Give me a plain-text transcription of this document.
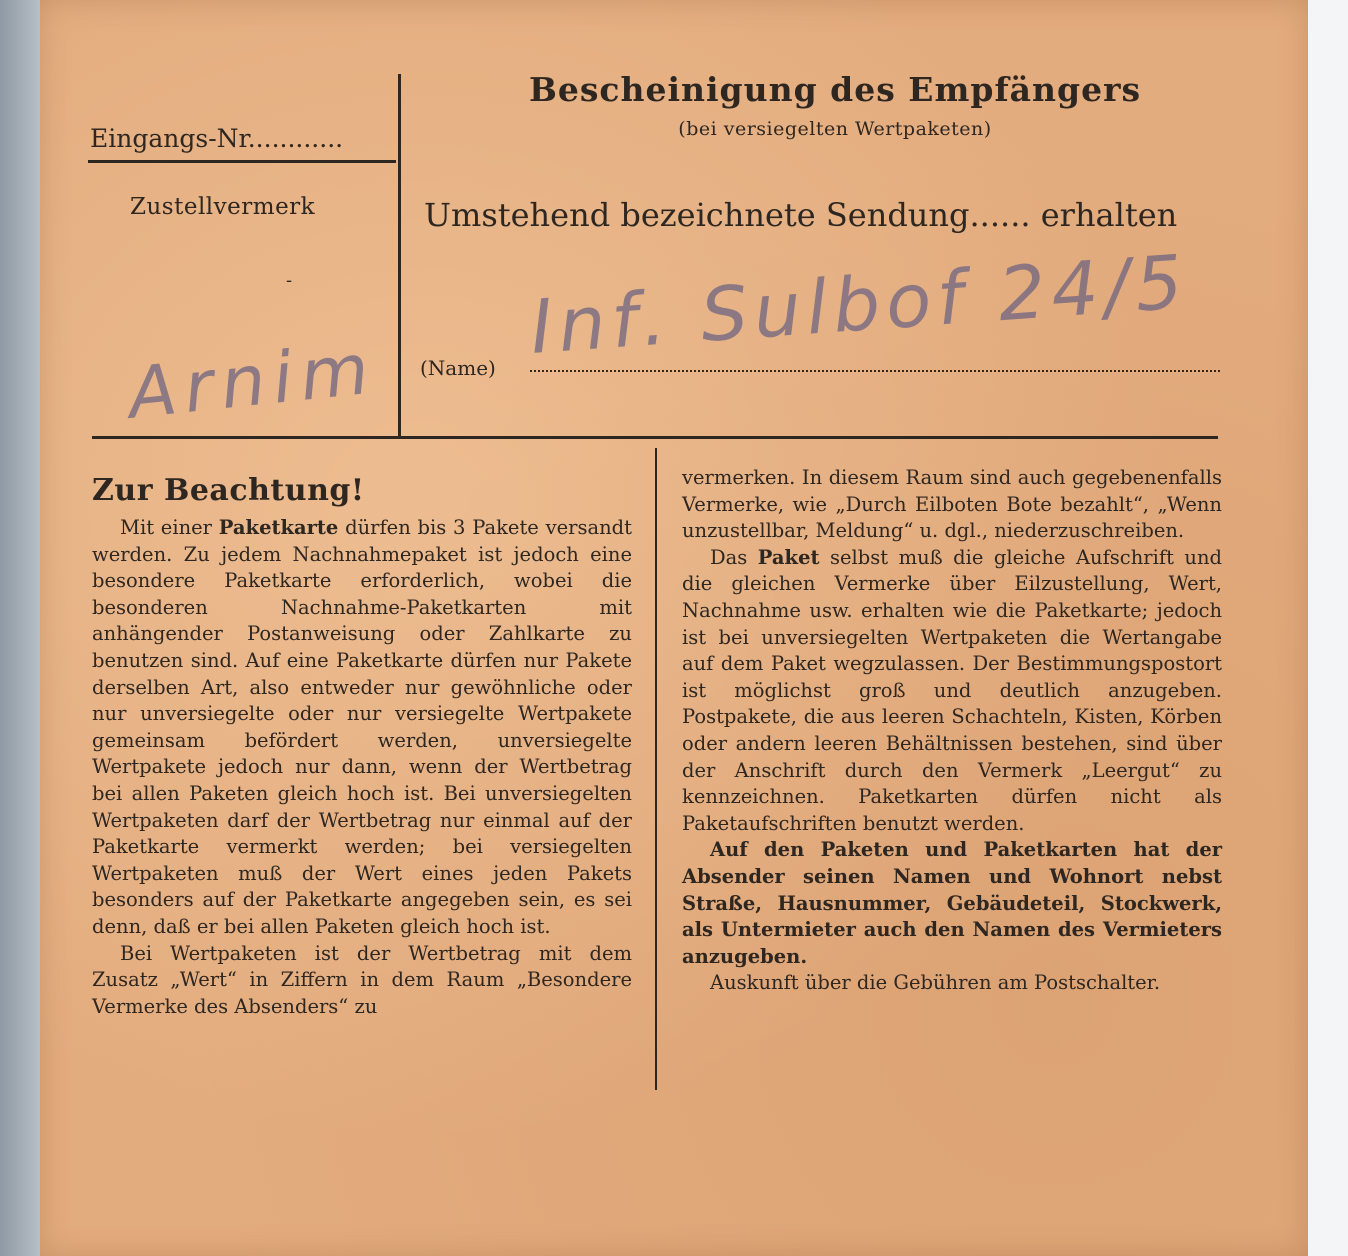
Eingangs-Nr............
Zustellvermerk
-
Bescheinigung des Empfängers
(bei versiegelten Wertpaketen)
Umstehend bezeichnete Sendung...... erhalten
(Name) Inf. Sulbof 24/5
Arnim
Zur Beachtung!

Mit einer Paketkarte dürfen bis 3 Pakete versandt werden. Zu jedem Nachnahmepaket ist jedoch eine besondere Paketkarte erforderlich, wobei die besonderen Nachnahme-Paketkarten mit anhängender Postanweisung oder Zahlkarte zu benutzen sind. Auf eine Paketkarte dürfen nur Pakete derselben Art, also entweder nur gewöhnliche oder nur unversiegelte oder nur versiegelte Wertpakete gemeinsam befördert werden, unversiegelte Wertpakete jedoch nur dann, wenn der Wertbetrag bei allen Paketen gleich hoch ist. Bei unversiegelten Wertpaketen darf der Wertbetrag nur einmal auf der Paketkarte vermerkt werden; bei versiegelten Wertpaketen muß der Wert eines jeden Pakets besonders auf der Paketkarte angegeben sein, es sei denn, daß er bei allen Paketen gleich hoch ist.

Bei Wertpaketen ist der Wertbetrag mit dem Zusatz „Wert“ in Ziffern in dem Raum „Besondere Vermerke des Absenders“ zu

vermerken. In diesem Raum sind auch gegebenenfalls Vermerke, wie „Durch Eilboten Bote bezahlt“, „Wenn unzustellbar, Meldung“ u. dgl., niederzuschreiben.

Das Paket selbst muß die gleiche Aufschrift und die gleichen Vermerke über Eilzustellung, Wert, Nachnahme usw. erhalten wie die Paketkarte; jedoch ist bei unversiegelten Wertpaketen die Wertangabe auf dem Paket wegzulassen. Der Bestimmungspostort ist möglichst groß und deutlich anzugeben. Postpakete, die aus leeren Schachteln, Kisten, Körben oder andern leeren Behältnissen bestehen, sind über der Anschrift durch den Vermerk „Leergut“ zu kennzeichnen. Paketkarten dürfen nicht als Paketaufschriften benutzt werden.

Auf den Paketen und Paketkarten hat der Absender seinen Namen und Wohnort nebst Straße, Hausnummer, Gebäudeteil, Stockwerk, als Untermieter auch den Namen des Vermieters anzugeben.

Auskunft über die Gebühren am Postschalter.
